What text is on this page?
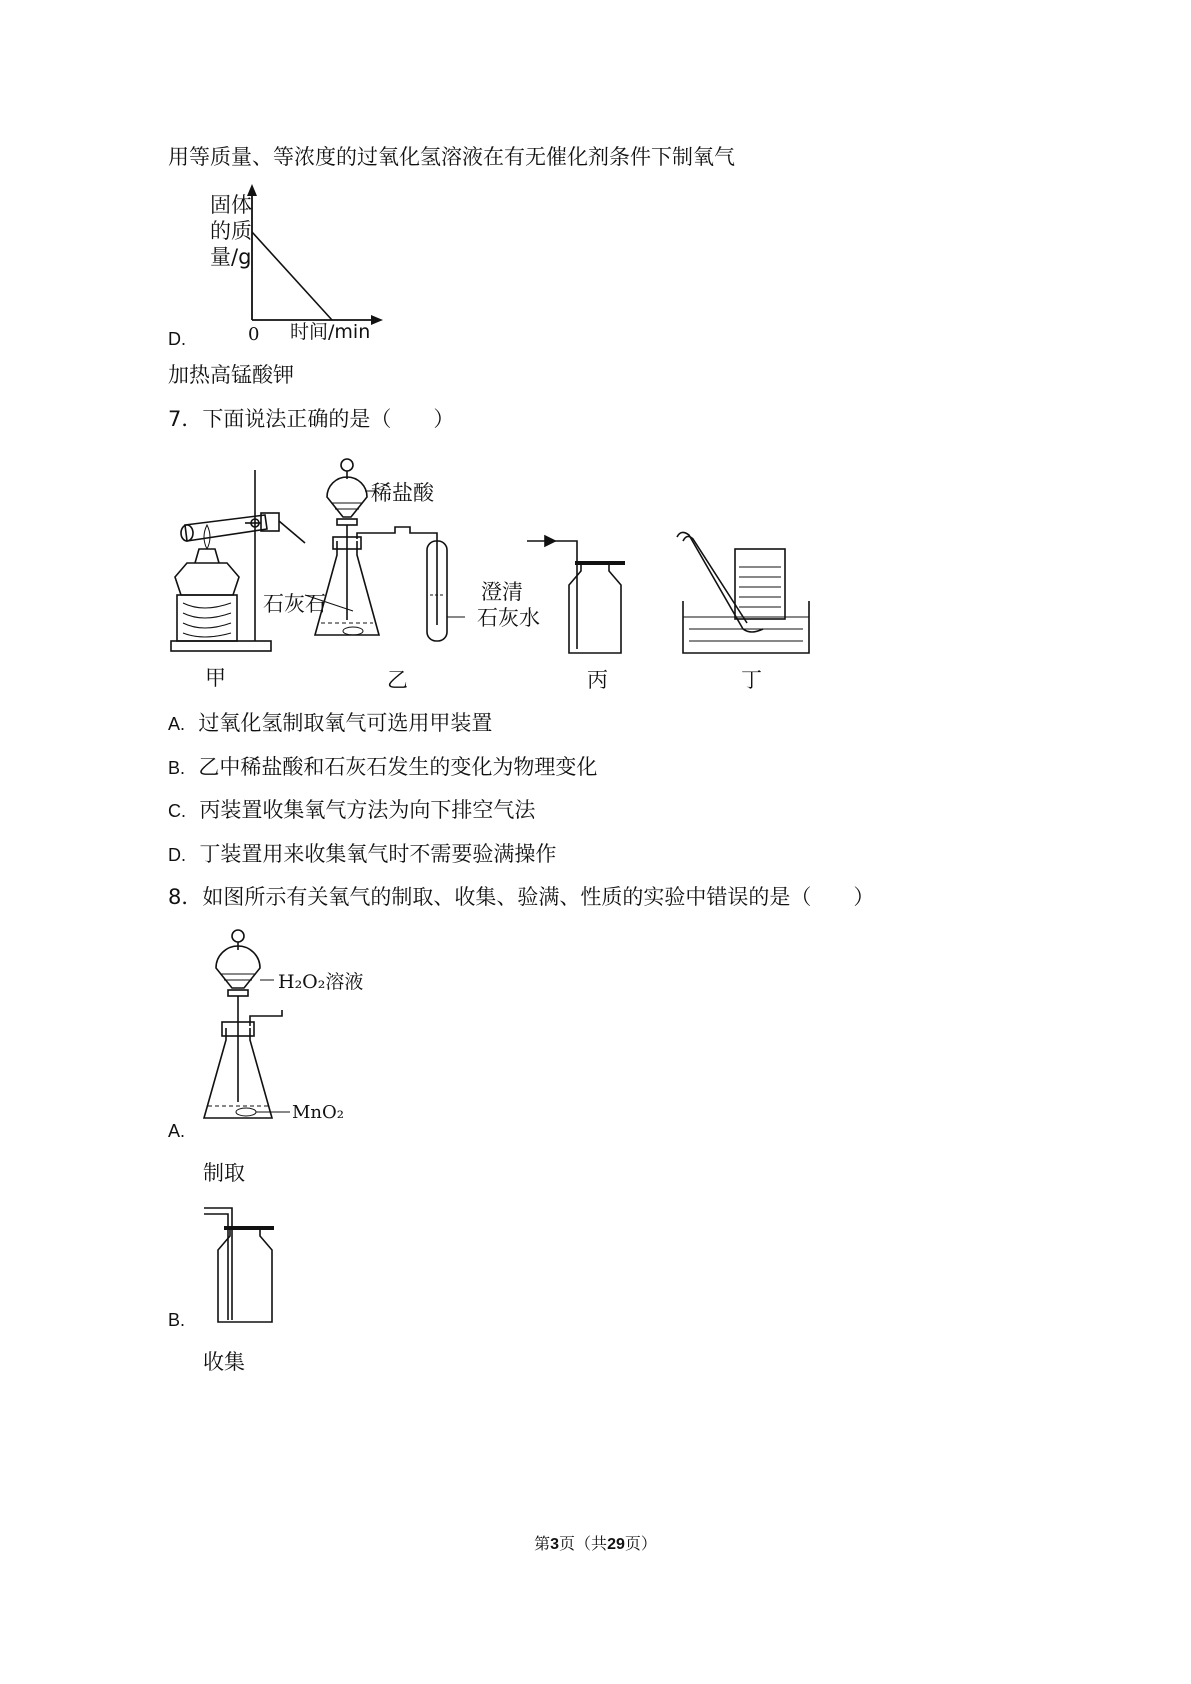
用等质量、等浓度的过氧化氢溶液在有无催化剂条件下制氧气
固体
的质
量/g
0 时间/min
D.
加热高锰酸钾
7．下面说法正确的是（　　）
稀盐酸
石灰石	澄清
石灰水
甲	乙	丙	丁
A. 过氧化氢制取氧气可选用甲装置
B. 乙中稀盐酸和石灰石发生的变化为物理变化
C. 丙装置收集氧气方法为向下排空气法
D. 丁装置用来收集氧气时不需要验满操作
8．如图所示有关氧气的制取、收集、验满、性质的实验中错误的是（　　）
H₂O₂溶液
MnO₂
A.
制取
B.
收集
第3页（共29页）
